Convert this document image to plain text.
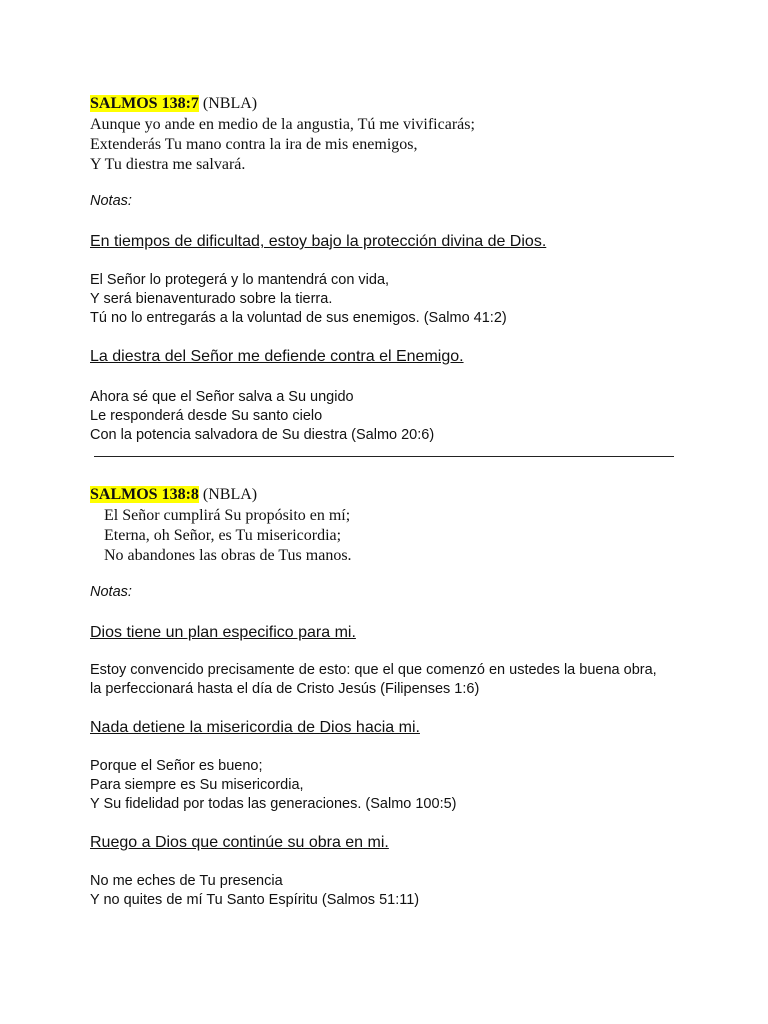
SALMOS 138:7 (NBLA)
Aunque yo ande en medio de la angustia, Tú me vivificarás;
Extenderás Tu mano contra la ira de mis enemigos,
Y Tu diestra me salvará.
Notas:
En tiempos de dificultad, estoy bajo la protección divina de Dios.
El Señor lo protegerá y lo mantendrá con vida,
Y será bienaventurado sobre la tierra.
Tú no lo entregarás a la voluntad de sus enemigos. (Salmo 41:2)
La diestra del Señor me defiende contra el Enemigo.
Ahora sé que el Señor salva a Su ungido
Le responderá desde Su santo cielo
Con la potencia salvadora de Su diestra (Salmo 20:6)
SALMOS 138:8 (NBLA)
El Señor cumplirá Su propósito en mí;
Eterna, oh Señor, es Tu misericordia;
No abandones las obras de Tus manos.
Notas:
Dios tiene un plan especifico para mi.
Estoy convencido precisamente de esto: que el que comenzó en ustedes la buena obra,
la perfeccionará hasta el día de Cristo Jesús (Filipenses 1:6)
Nada detiene la misericordia de Dios hacia mi.
Porque el Señor es bueno;
Para siempre es Su misericordia,
Y Su fidelidad por todas las generaciones. (Salmo 100:5)
Ruego a Dios que continúe su obra en mi.
No me eches de Tu presencia
Y no quites de mí Tu Santo Espíritu (Salmos 51:11)
